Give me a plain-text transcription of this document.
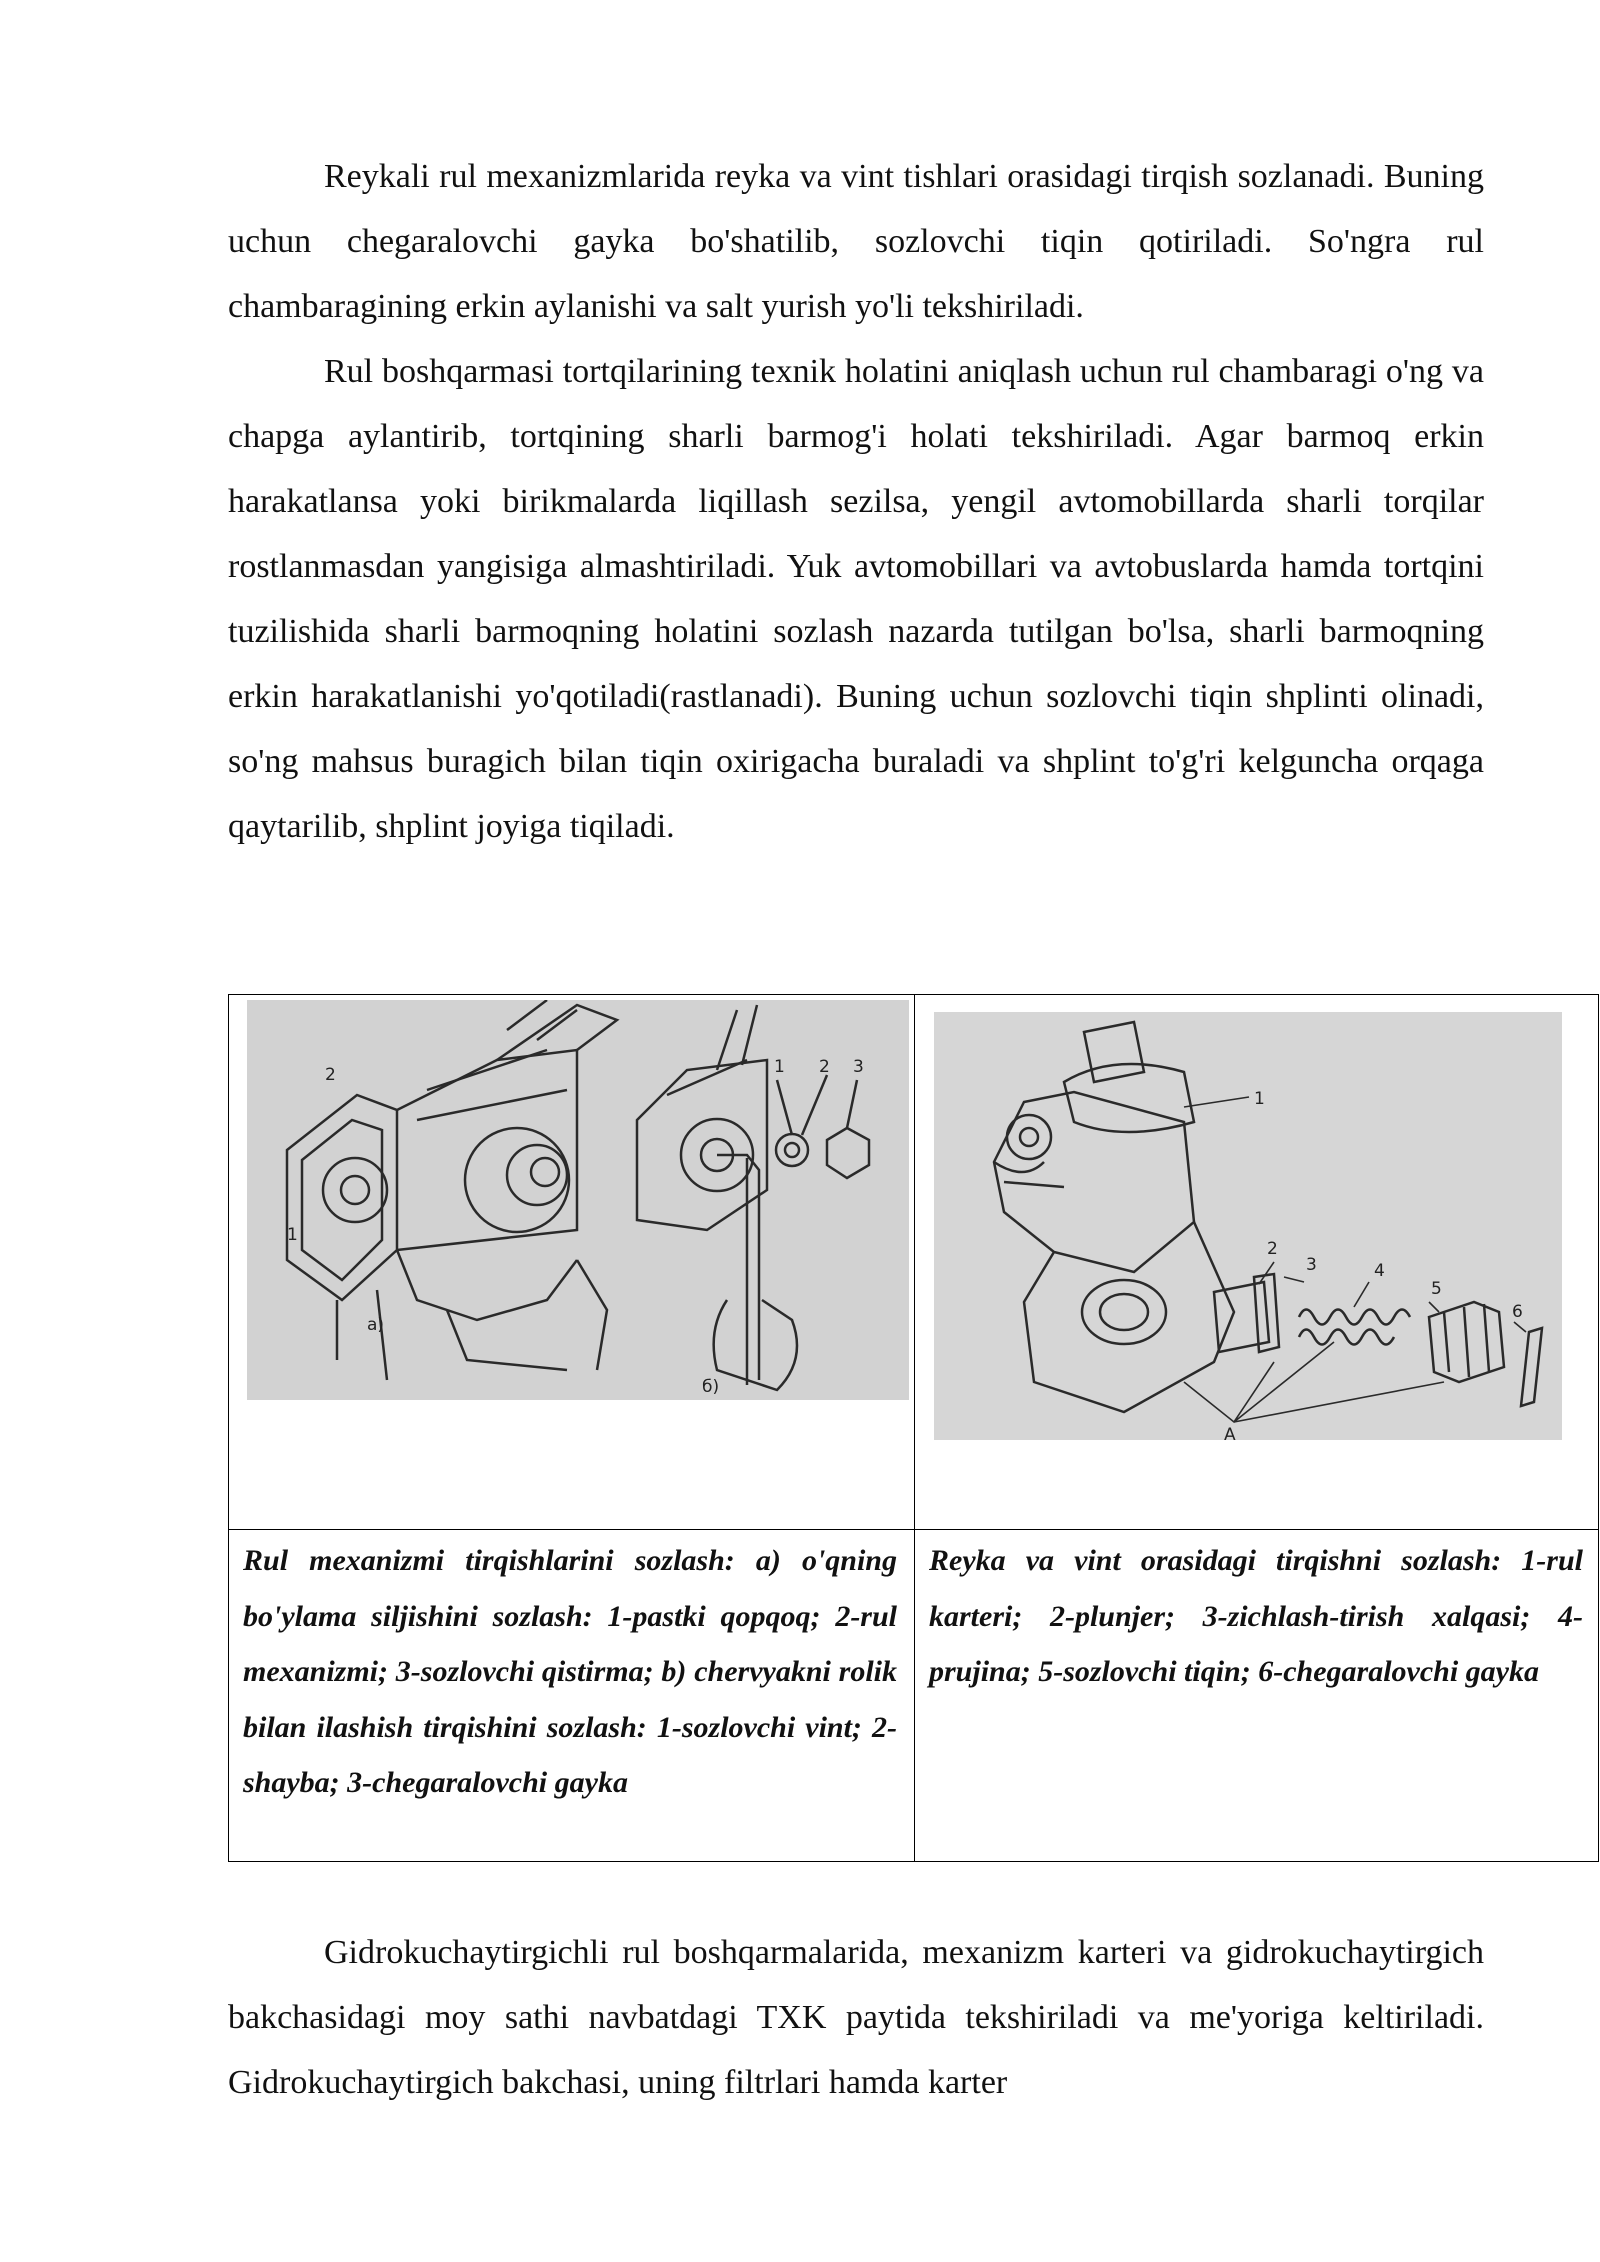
Reykali rul mexanizmlarida reyka va vint tishlari orasidagi tirqish sozlanadi. Buning uchun chegaralovchi gayka bo'shatilib, sozlovchi tiqin qotiriladi. So'ngra rul chambaragining erkin aylanishi va salt yurish yo'li tekshiriladi.

Rul boshqarmasi tortqilarining texnik holatini aniqlash uchun rul chambaragi o'ng va chapga aylantirib, tortqining sharli barmog'i holati tekshiriladi. Agar barmoq erkin harakatlansa yoki birikmalarda liqillash sezilsa, yengil avtomobillarda sharli torqilar rostlanmasdan yangisiga almashtiriladi. Yuk avtomobillari va avtobuslarda hamda tortqini tuzilishida sharli barmoqning holatini sozlash nazarda tutilgan bo'lsa, sharli barmoqning erkin harakatlanishi yo'qotiladi(rastlanadi). Buning uchun sozlovchi tiqin shplinti olinadi, so'ng mahsus buragich bilan tiqin oxirigacha buraladi va shplint to'g'ri kelguncha orqaga qaytarilib, shplint joyiga tiqiladi.

a)
б)
1
2	1 2 3
1
2
3	4
5
6
A

Rul mexanizmi tirqishlarini sozlash: a) o'qning bo'ylama siljishini sozlash: 1-pastki qopqoq; 2-rul mexanizmi; 3-sozlovchi qistirma; b) chervyakni rolik bilan ilashish tirqishini sozlash: 1-sozlovchi vint; 2-shayba; 3-chegaralovchi gayka

Reyka va vint orasidagi tirqishni sozlash: 1-rul karteri; 2-plunjer; 3-zichlash-tirish xalqasi; 4-prujina; 5-sozlovchi tiqin; 6-chegaralovchi gayka

Gidrokuchaytirgichli rul boshqarmalarida, mexanizm karteri va gidrokuchaytirgich bakchasidagi moy sathi navbatdagi TXK paytida tekshiriladi va me'yoriga keltiriladi. Gidrokuchaytirgich bakchasi, uning filtrlari hamda karter
